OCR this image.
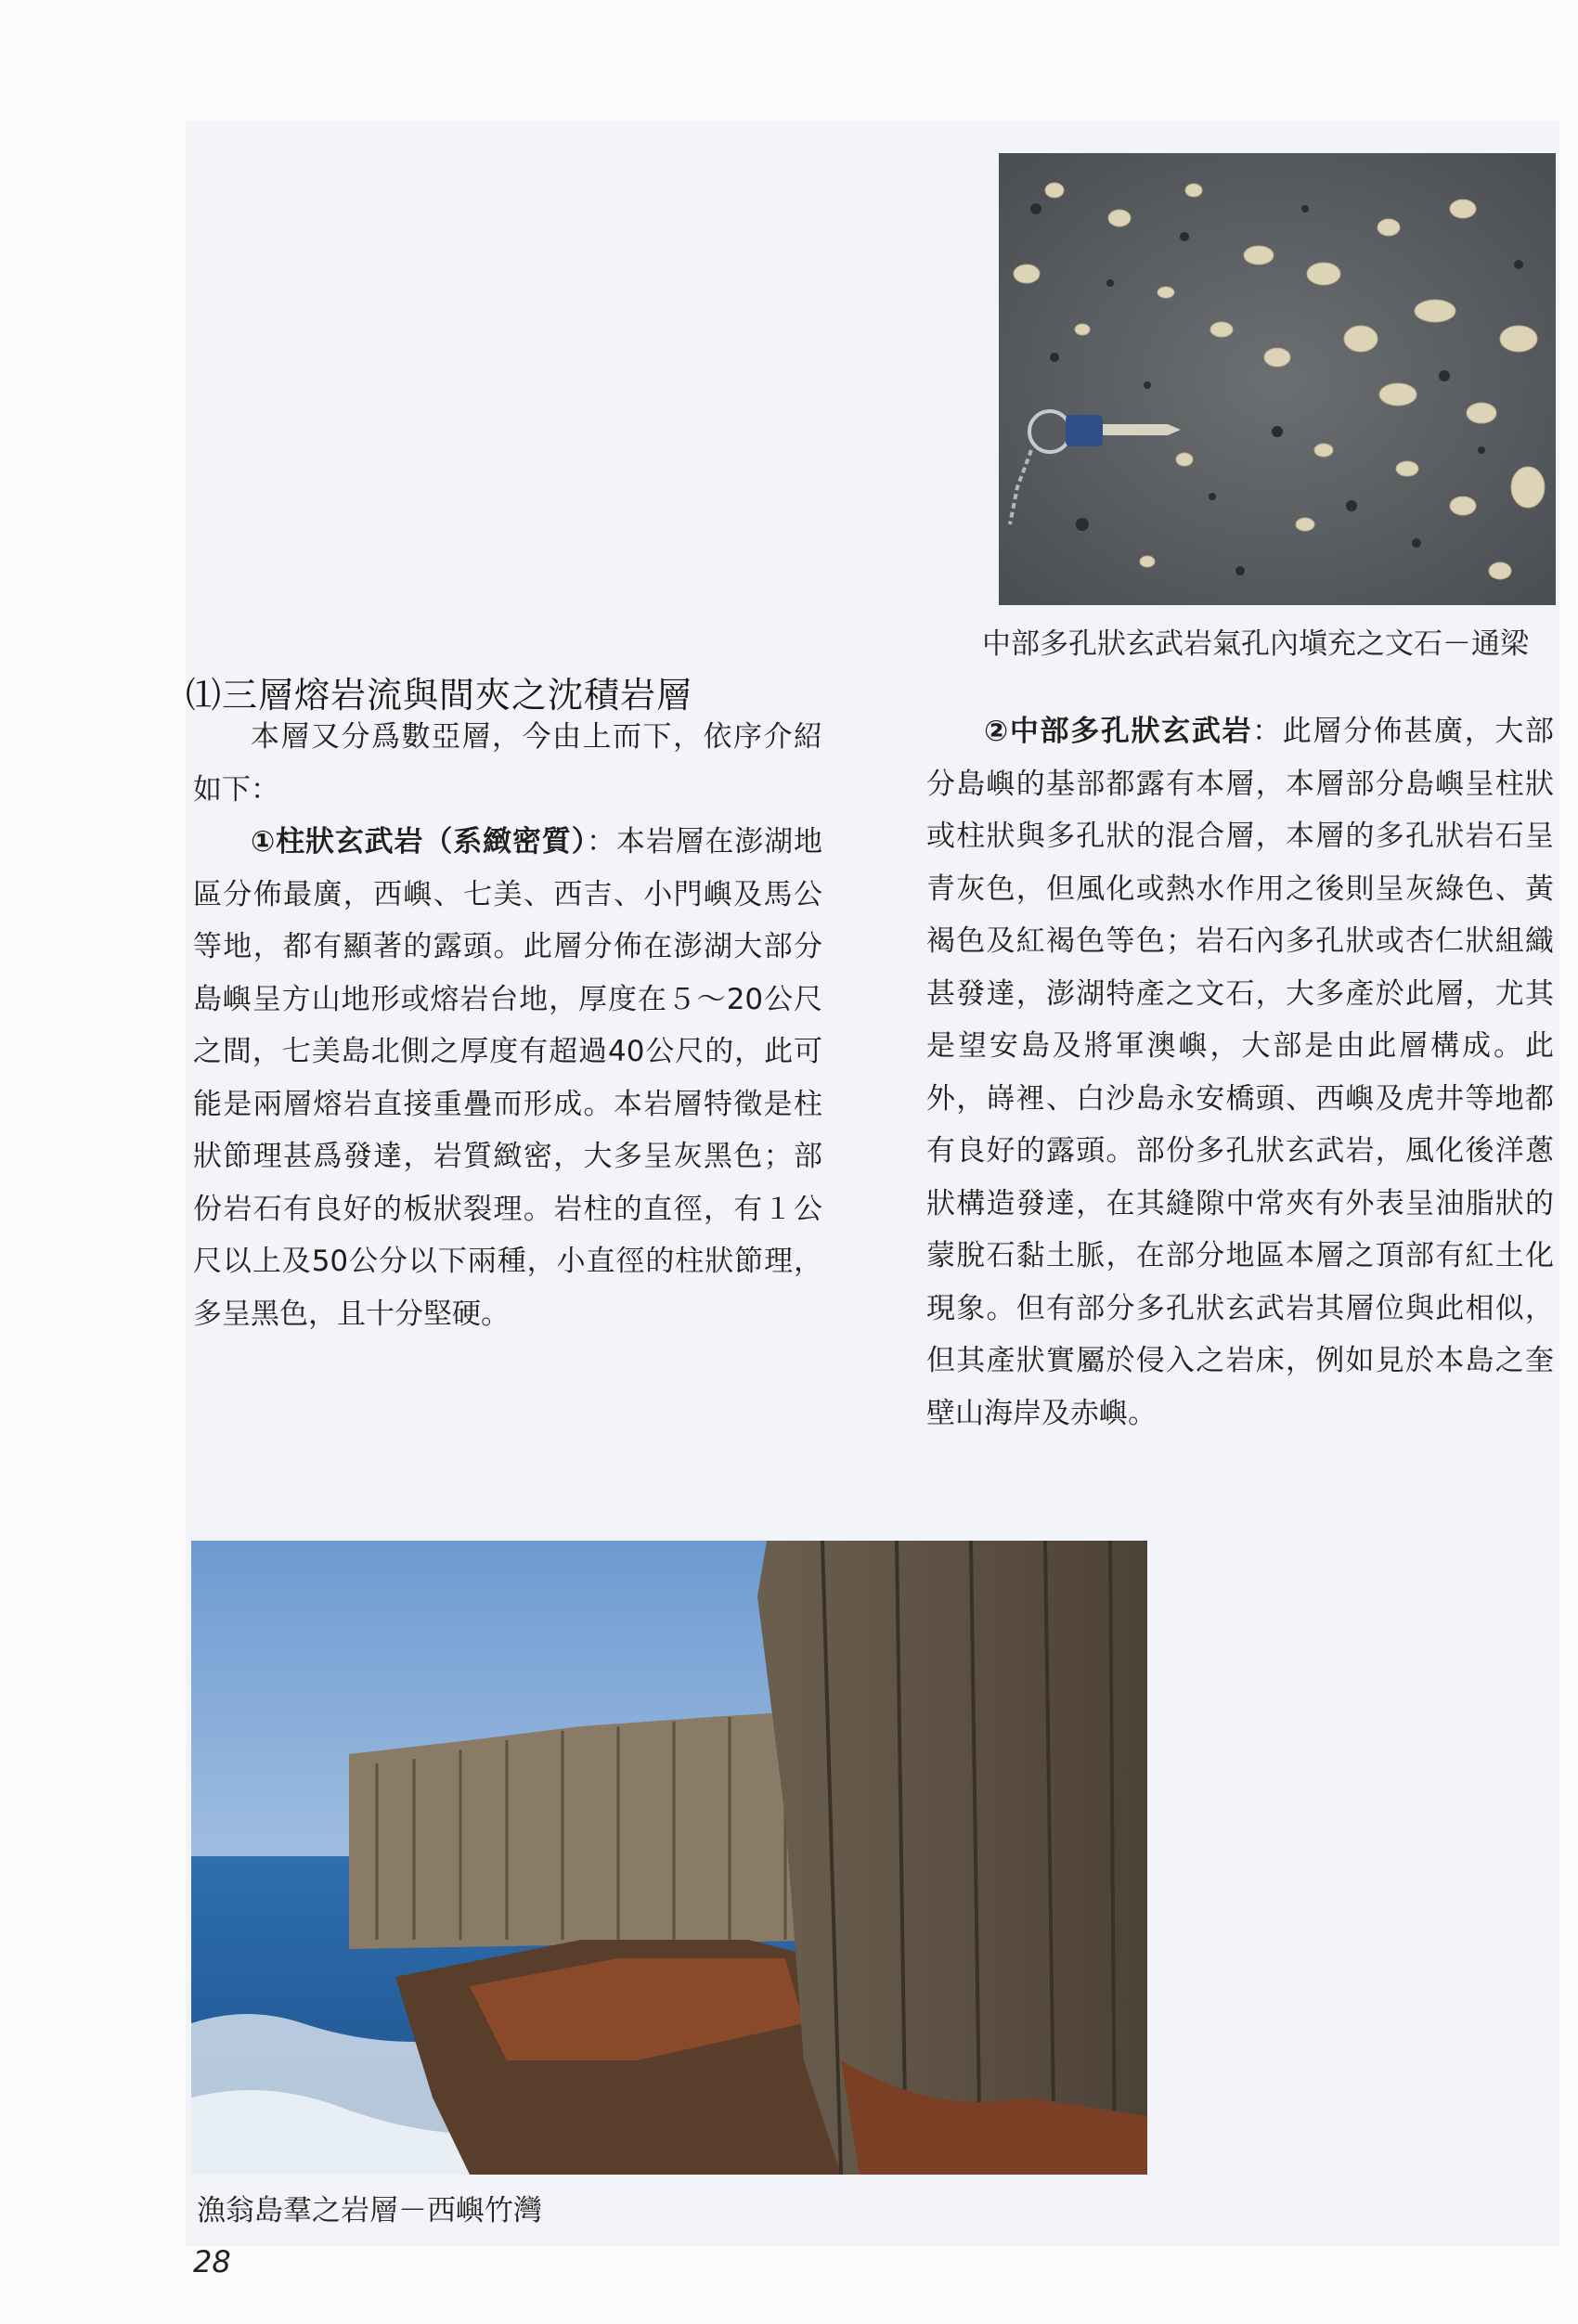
中部多孔狀玄武岩氣孔內塡充之文石－通梁
⑴三層熔岩流與間夾之沈積岩層

本層又分爲數亞層，今由上而下，依序介紹如下：

①柱狀玄武岩（系緻密質）：本岩層在澎湖地區分佈最廣，西嶼、七美、西吉、小門嶼及馬公等地，都有顯著的露頭。此層分佈在澎湖大部分島嶼呈方山地形或熔岩台地，厚度在５～20公尺之間，七美島北側之厚度有超過40公尺的，此可能是兩層熔岩直接重疊而形成。本岩層特徵是柱狀節理甚爲發達，岩質緻密，大多呈灰黑色；部份岩石有良好的板狀裂理。岩柱的直徑，有１公尺以上及50公分以下兩種，小直徑的柱狀節理，多呈黑色，且十分堅硬。

②中部多孔狀玄武岩：此層分佈甚廣，大部分島嶼的基部都露有本層，本層部分島嶼呈柱狀或柱狀與多孔狀的混合層，本層的多孔狀岩石呈青灰色，但風化或熱水作用之後則呈灰綠色、黃褐色及紅褐色等色；岩石內多孔狀或杏仁狀組織甚發達，澎湖特產之文石，大多產於此層，尤其是望安島及將軍澳嶼，大部是由此層構成。此外，嵵裡、白沙島永安橋頭、西嶼及虎井等地都有良好的露頭。部份多孔狀玄武岩，風化後洋蔥狀構造發達，在其縫隙中常夾有外表呈油脂狀的蒙脫石黏土脈，在部分地區本層之頂部有紅土化現象。但有部分多孔狀玄武岩其層位與此相似，但其產狀實屬於侵入之岩床，例如見於本島之奎壁山海岸及赤嶼。

漁翁島羣之岩層－西嶼竹灣
28
